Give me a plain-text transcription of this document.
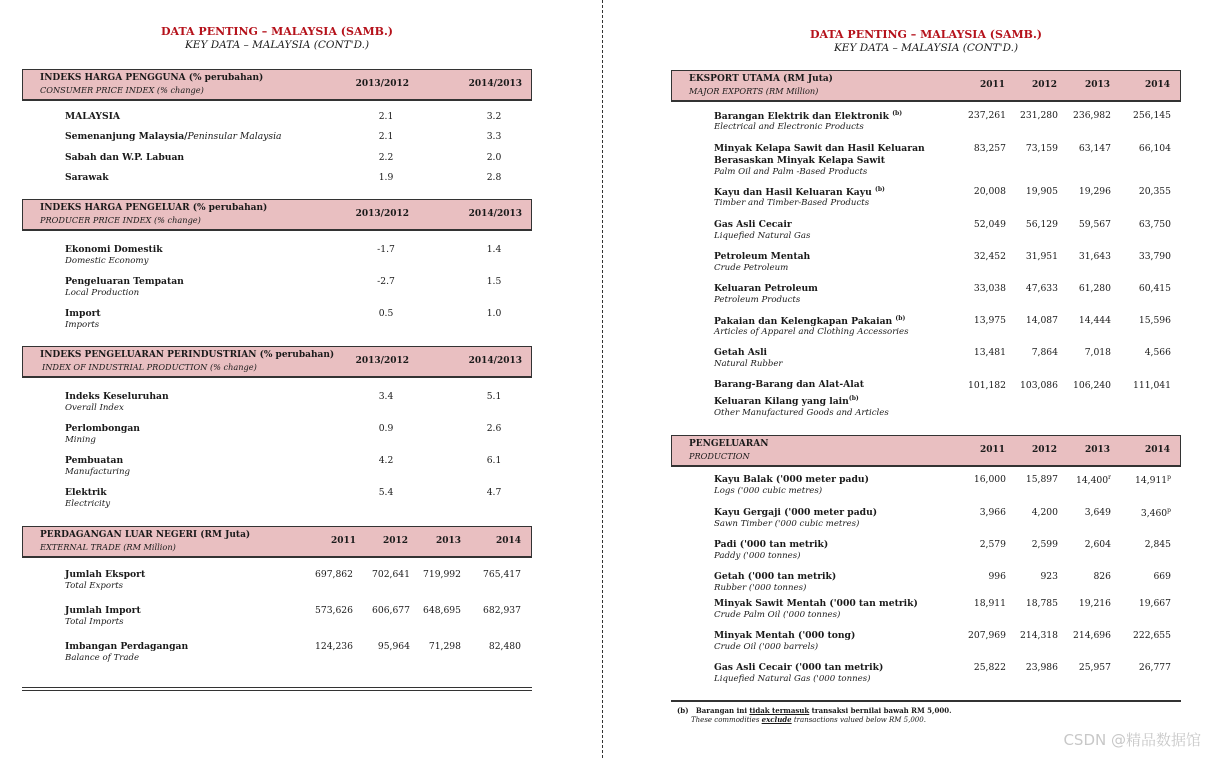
DATA PENTING – MALAYSIA (SAMB.)
KEY DATA – MALAYSIA (CONT'D.)
INDEKS HARGA PENGGUNA (% perubahan)
CONSUMER PRICE INDEX (% change)
2013/2012	2014/2013
MALAYSIA	2.1	3.2
Semenanjung Malaysia/Peninsular Malaysia	2.1	3.3
Sabah dan W.P. Labuan	2.2	2.0
Sarawak	1.9	2.8
INDEKS HARGA PENGELUAR (% perubahan)
PRODUCER PRICE INDEX (% change)
2013/2012	2014/2013
Ekonomi Domestik
Domestic Economy
-1.7	1.4
Pengeluaran Tempatan
Local Production
-2.7	1.5
Import
Imports
0.5	1.0
INDEKS PENGELUARAN PERINDUSTRIAN (% perubahan)
INDEX OF INDUSTRIAL PRODUCTION (% change)
2013/2012	2014/2013
Indeks Keseluruhan
Overall Index
3.4	5.1
Perlombongan
Mining
0.9	2.6
Pembuatan
Manufacturing
4.2	6.1
Elektrik
Electricity
5.4	4.7
PERDAGANGAN LUAR NEGERI (RM Juta)
EXTERNAL TRADE (RM Million)
2011	2012	2013	2014
Jumlah Eksport
Total Exports
697,862 702,641 719,992 765,417
Jumlah Import
Total Imports
573,626 606,677 648,695 682,937
Imbangan Perdagangan
Balance of Trade
124,236	95,964 71,298	82,480
DATA PENTING – MALAYSIA (SAMB.)
KEY DATA – MALAYSIA (CONT'D.)
EKSPORT UTAMA (RM Juta)
MAJOR EXPORTS (RM Million)
2011	2012	2013	2014
Barangan Elektrik dan Elektronik $^{(b)}$
Electrical and Electronic Products
237,261 231,280 236,982 256,145
Minyak Kelapa Sawit dan Hasil Keluaran
Berasaskan Minyak Kelapa Sawit
Palm Oil and Palm -Based Products
83,257 73,159 63,147	66,104
Kayu dan Hasil Keluaran Kayu $^{(b)}$
Timber and Timber-Based Products
20,008 19,905 19,296	20,355
Gas Asli Cecair
Liquefied Natural Gas
52,049 56,129 59,567	63,750
Petroleum Mentah
Crude Petroleum
32,452 31,951 31,643	33,790
Keluaran Petroleum
Petroleum Products
33,038 47,633 61,280	60,415
Pakaian dan Kelengkapan Pakaian $^{(b)}$
Articles of Apparel and Clothing Accessories
13,975 14,087 14,444	15,596
Getah Asli
Natural Rubber
13,481	7,864	7,018	4,566
Barang-Barang dan Alat-Alat
Keluaran Kilang yang lain$^{(b)}$
Other Manufactured Goods and Articles
101,182 103,086 106,240 111,041
PENGELUARAN
PRODUCTION
2011	2012	2013	2014
Kayu Balak ('000 meter padu)
Logs ('000 cubic metres)
16,000 15,897 14,400$^r$	14,911$^p$
Kayu Gergaji ('000 meter padu)
Sawn Timber ('000 cubic metres)
3,966	4,200	3,649	3,460$^p$
Padi ('000 tan metrik)
Paddy ('000 tonnes)
2,579	2,599	2,604	2,845
Getah ('000 tan metrik)
Rubber ('000 tonnes)
996	923	826	669
Minyak Sawit Mentah ('000 tan metrik)
Crude Palm Oil ('000 tonnes)
18,911 18,785 19,216	19,667
Minyak Mentah ('000 tong)
Crude Oil ('000 barrels)
207,969 214,318 214,696 222,655
Gas Asli Cecair ('000 tan metrik)
Liquefied Natural Gas ('000 tonnes)
25,822 23,986 25,957	26,777
(b) Barangan ini tidak termasuk transaksi bernilai bawah RM 5,000.
These commodities exclude transactions valued below RM 5,000.
CSDN @精品数据馆
